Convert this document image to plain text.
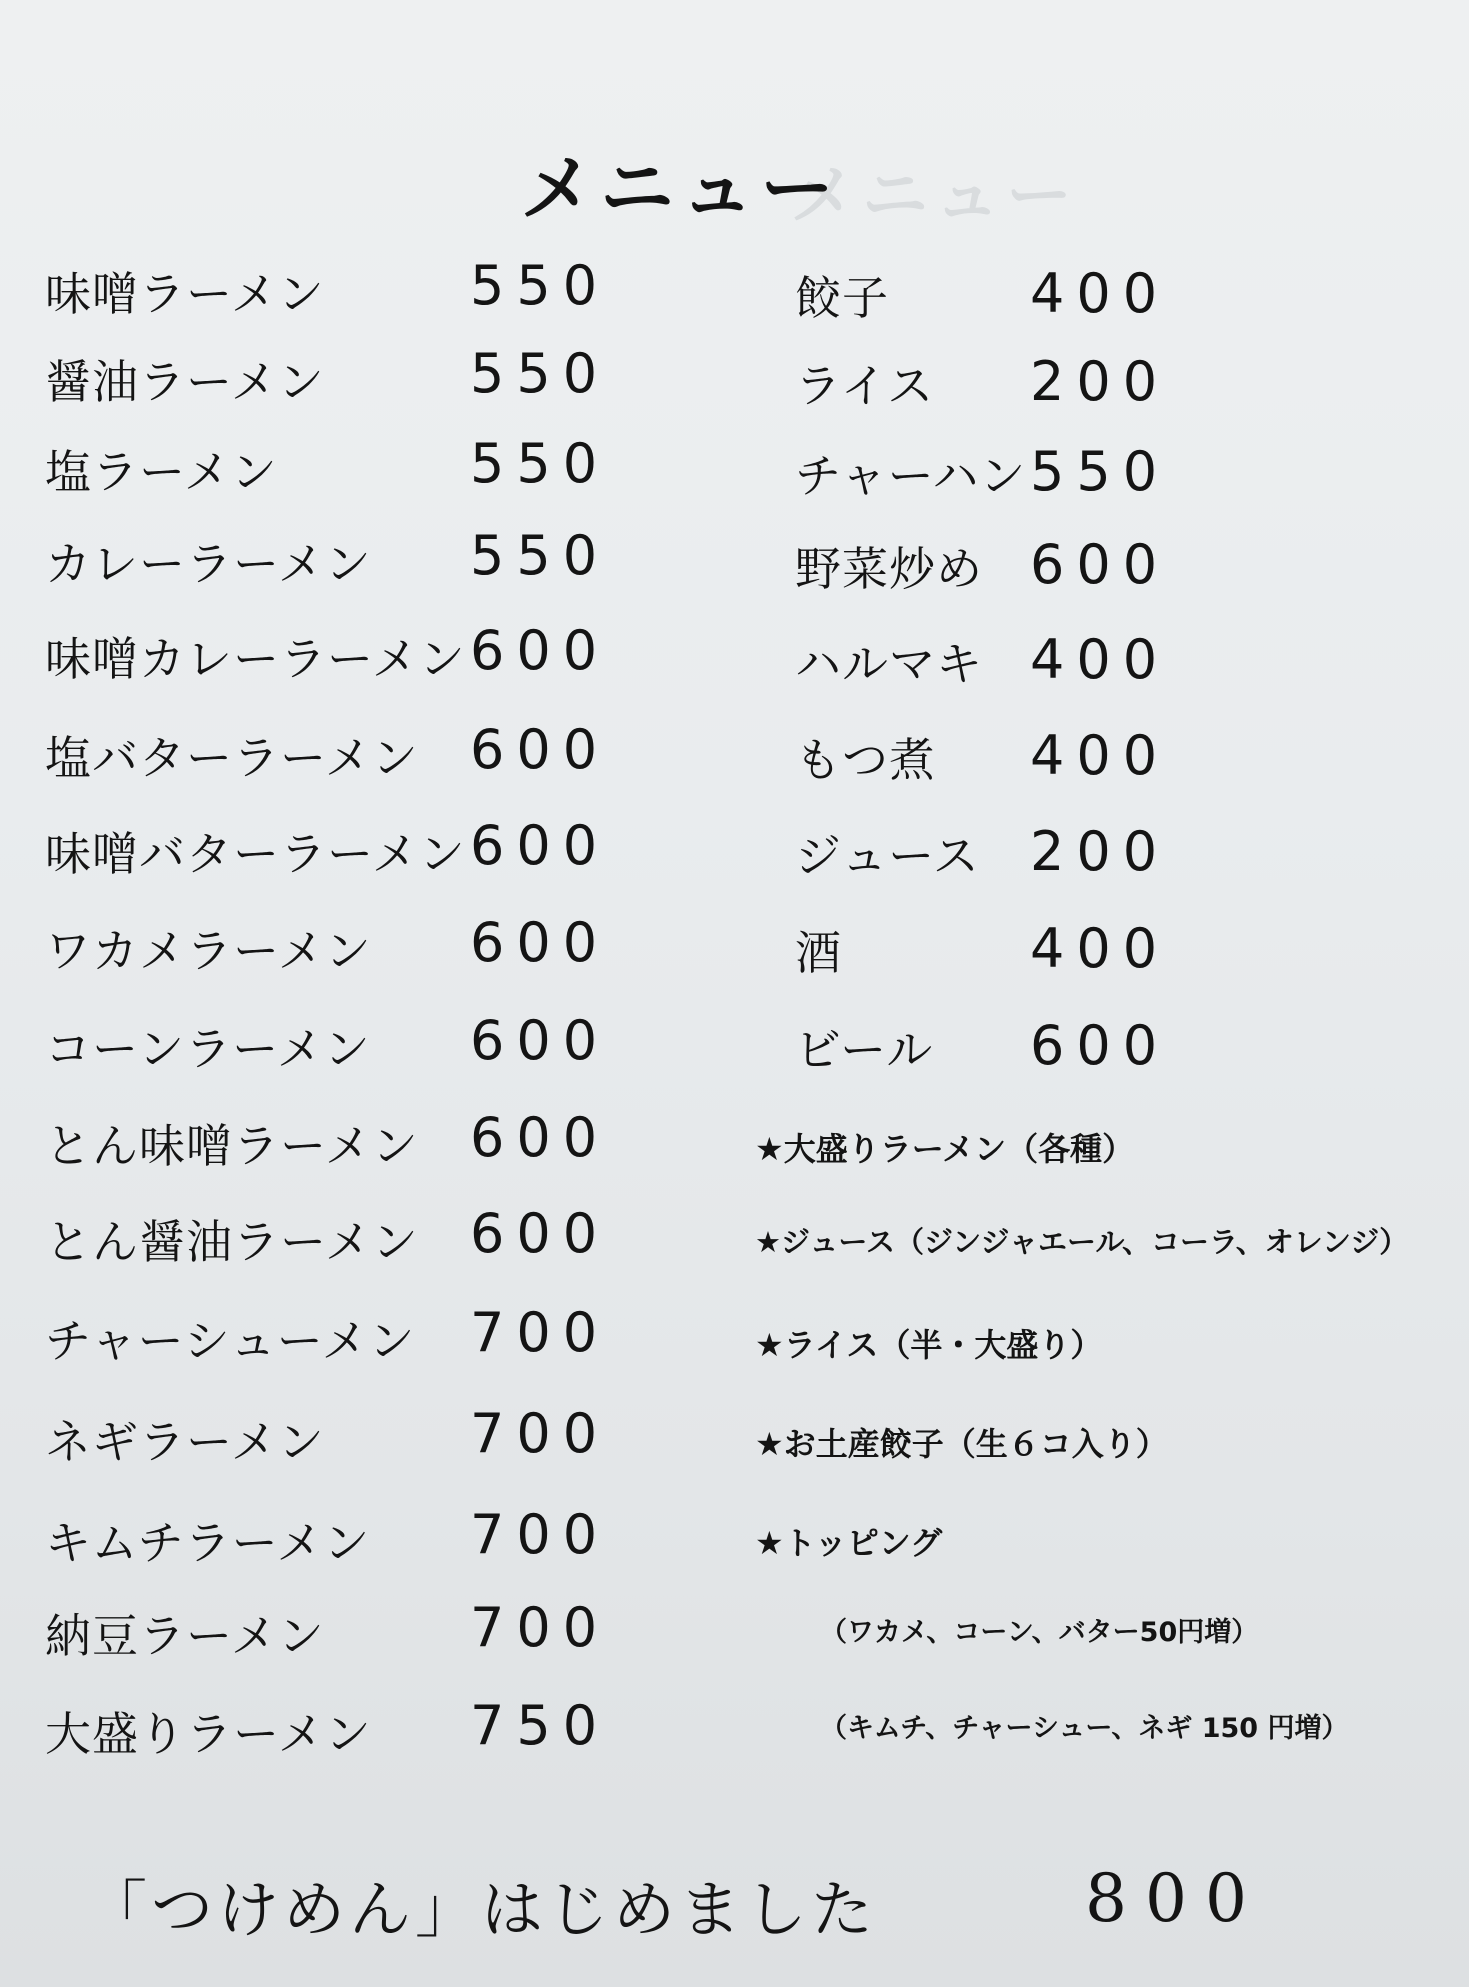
メニュー
メニュー
味噌ラーメン	550
醤油ラーメン	550
塩ラーメン	550
カレーラーメン 550
味噌カレーラーメン 600
塩バターラーメン 600
味噌バターラーメン 600
ワカメラーメン 600
コーンラーメン 600
とん味噌ラーメン 600
とん醤油ラーメン 600
チャーシューメン 700
ネギラーメン	700
キムチラーメン 700
納豆ラーメン	700
大盛りラーメン 750
餃子	400
ライス 200
チャーハン 550
野菜炒め 600
ハルマキ 400
もつ煮 400
ジュース 200
酒	400
ビール 600
★大盛りラーメン（各種）
★ジュース（ジンジャエール、コーラ、オレンジ）
★ライス（半・大盛り）
★お土産餃子（生６コ入り）
★トッピング
（ワカメ、コーン、バター50円増）
（キムチ、チャーシュー、ネギ 150 円増）
「つけめん」はじめました	800
